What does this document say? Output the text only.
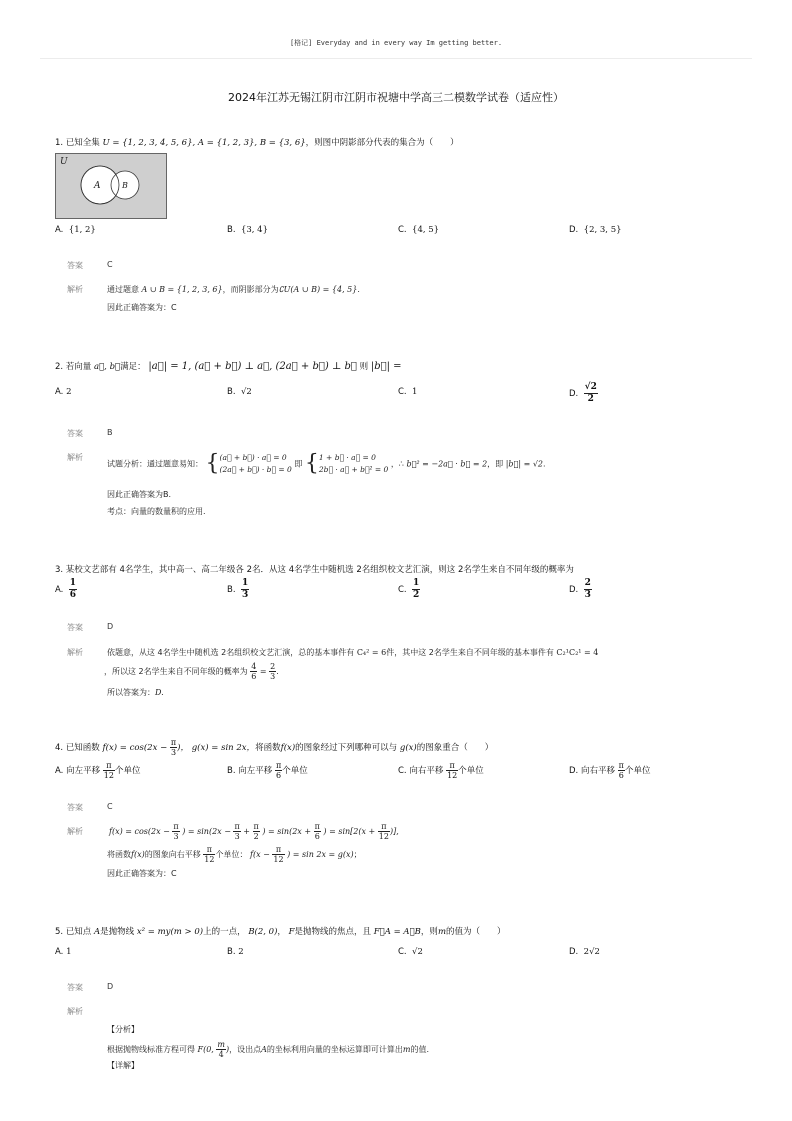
[格记] Everyday and in every way Im getting better.
2024年江苏无锡江阴市江阴市祝塘中学高三二模数学试卷（适应性）
1. 已知全集 U = {1, 2, 3, 4, 5, 6}, A = {1, 2, 3}, B = {3, 6}，则图中阴影部分代表的集合为（　　）
U
A	B
A. {1, 2}	B. {3, 4}	C. {4, 5}	D. {2, 3, 5}
答案	C
解析	通过题意 A ∪ B = {1, 2, 3, 6}，而阴影部分为∁U(A ∪ B) = {4, 5}.
因此正确答案为：C
2. 若向量 a⃗, b⃗满足： |a⃗| = 1, (a⃗ + b⃗) ⊥ a⃗, (2a⃗ + b⃗) ⊥ b⃗ 则 |b⃗| =
A. 2	B. √2	C. 1	D. $\frac{√2}{2}$
答案	B
解析
试题分析：通过题意易知： { (a⃗ + b⃗) · a⃗ = 0
(2a⃗ + b⃗) · b⃗ = 0
即 { 1 + b⃗ · a⃗ = 0
2b⃗ · a⃗ + b⃗² = 0
，∴ b⃗² = −2a⃗ · b⃗ = 2，即 |b⃗| = √2.
因此正确答案为B.
考点：向量的数量积的应用.
3. 某校文艺部有 4名学生，其中高一、高二年级各 2名．从这 4名学生中随机选 2名组织校文艺汇演，则这 2名学生来自不同年级的概率为
A. $\frac{1}{6}$	B. $\frac{1}{3}$	C. $\frac{1}{2}$	D. $\frac{2}{3}$
答案	D
解析	依题意，从这 4名学生中随机选 2名组织校文艺汇演，总的基本事件有 C₄² = 6件，其中这 2名学生来自不同年级的基本事件有 C₂¹C₂¹ = 4
，所以这 2名学生来自不同年级的概率为 $\frac{4}{6} = \frac{2}{3}$ .
所以答案为：D.
4. 已知函数 $f(x) = \cos(2x - \frac{\pi}{3}$ )， g(x) = sin 2x，将函数f(x)的图象经过下列哪种可以与 g(x)的图象重合（　　）
A. 向左平移 $\frac{\pi}{12}$ 个单位	B. 向左平移 $\frac{\pi}{6}$ 个单位	C. 向右平移 $\frac{\pi}{12}$ 个单位	D. 向右平移 $\frac{\pi}{6}$ 个单位
答案	C
解析	$f(x) = \cos(2x - \frac{\pi}{3}$ ) = $\sin(2x - \frac{\pi}{3} + \frac{\pi}{2}$ ) = $\sin(2x + \frac{\pi}{6}$ ) = $\sin[2(x + \frac{\pi}{12}$ )],
将函数f(x)的图象向右平移 $\frac{\pi}{12}$ 个单位： $f(x - \frac{\pi}{12}$ ) = sin 2x = g(x)；
因此正确答案为：C
5. 已知点 A是抛物线 x² = my(m > 0)上的一点， B(2, 0)， F是抛物线的焦点，且 F⃗A = A⃗B，则m的值为（　　）
A. 1	B. 2	C. √2	D. 2√2
答案	D
解析
【分析】
根据抛物线标准方程可得 F(0, $\frac{m}{4}$ )，设出点A的坐标利用向量的坐标运算即可计算出m的值.
【详解】
